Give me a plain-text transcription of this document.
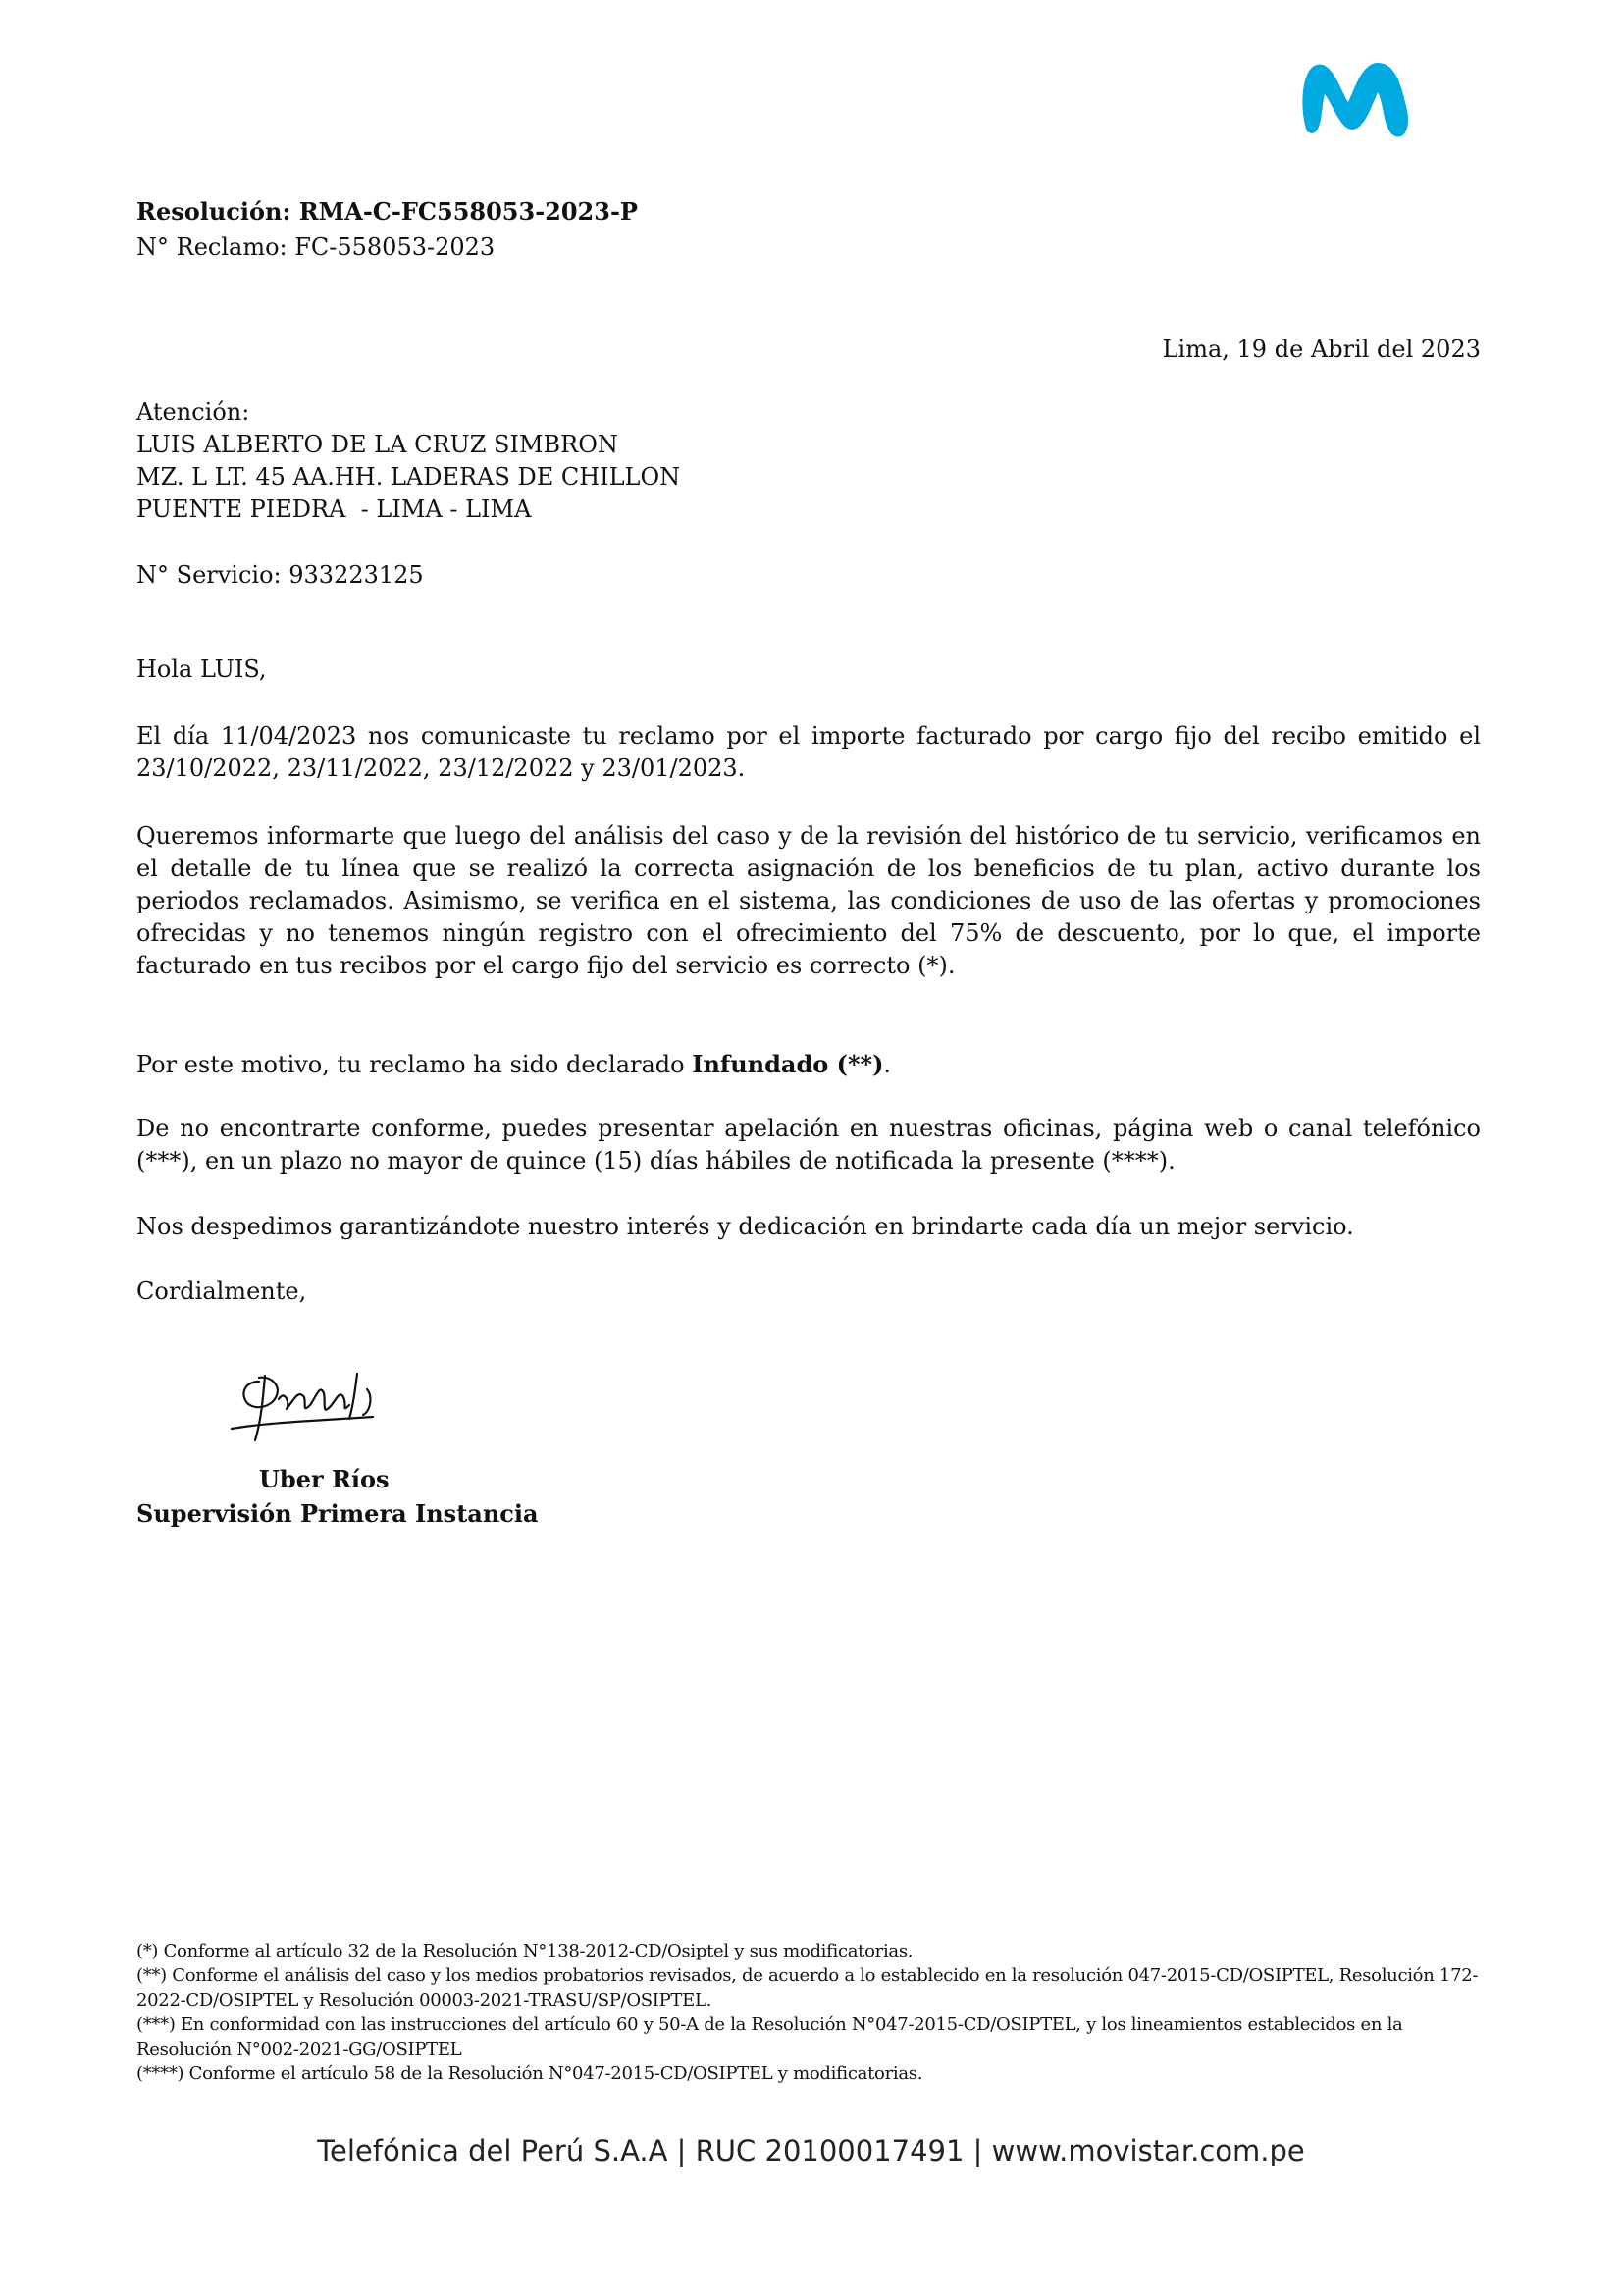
Resolución: RMA-C-FC558053-2023-P
N° Reclamo: FC-558053-2023
Lima, 19 de Abril del 2023
Atención:
LUIS ALBERTO DE LA CRUZ SIMBRON
MZ. L LT. 45 AA.HH. LADERAS DE CHILLON
PUENTE PIEDRA  - LIMA - LIMA
N° Servicio: 933223125

Hola LUIS,

El día 11/04/2023 nos comunicaste tu reclamo por el importe facturado por cargo fijo del recibo emitido el 23/10/2022, 23/11/2022, 23/12/2022 y 23/01/2023.

Queremos informarte que luego del análisis del caso y de la revisión del histórico de tu servicio, verificamos en el detalle de tu línea que se realizó la correcta asignación de los beneficios de tu plan, activo durante los periodos reclamados. Asimismo, se verifica en el sistema, las condiciones de uso de las ofertas y promociones ofrecidas y no tenemos ningún registro con el ofrecimiento del 75% de descuento, por lo que, el importe facturado en tus recibos por el cargo fijo del servicio es correcto (*).

Por este motivo, tu reclamo ha sido declarado Infundado (**).

De no encontrarte conforme, puedes presentar apelación en nuestras oficinas, página web o canal telefónico (***), en un plazo no mayor de quince (15) días hábiles de notificada la presente (****).

Nos despedimos garantizándote nuestro interés y dedicación en brindarte cada día un mejor servicio.

Cordialmente,

Uber Ríos
Supervisión Primera Instancia
(*) Conforme al artículo 32 de la Resolución N°138-2012-CD/Osiptel y sus modificatorias.
(**) Conforme el análisis del caso y los medios probatorios revisados, de acuerdo a lo establecido en la resolución 047-2015-CD/OSIPTEL, Resolución 172-2022-CD/OSIPTEL y Resolución 00003-2021-TRASU/SP/OSIPTEL.
(***) En conformidad con las instrucciones del artículo 60 y 50-A de la Resolución N°047-2015-CD/OSIPTEL, y los lineamientos establecidos en la Resolución N°002-2021-GG/OSIPTEL
(****) Conforme el artículo 58 de la Resolución N°047-2015-CD/OSIPTEL y modificatorias.
Telefónica del Perú S.A.A | RUC 20100017491 | www.movistar.com.pe
